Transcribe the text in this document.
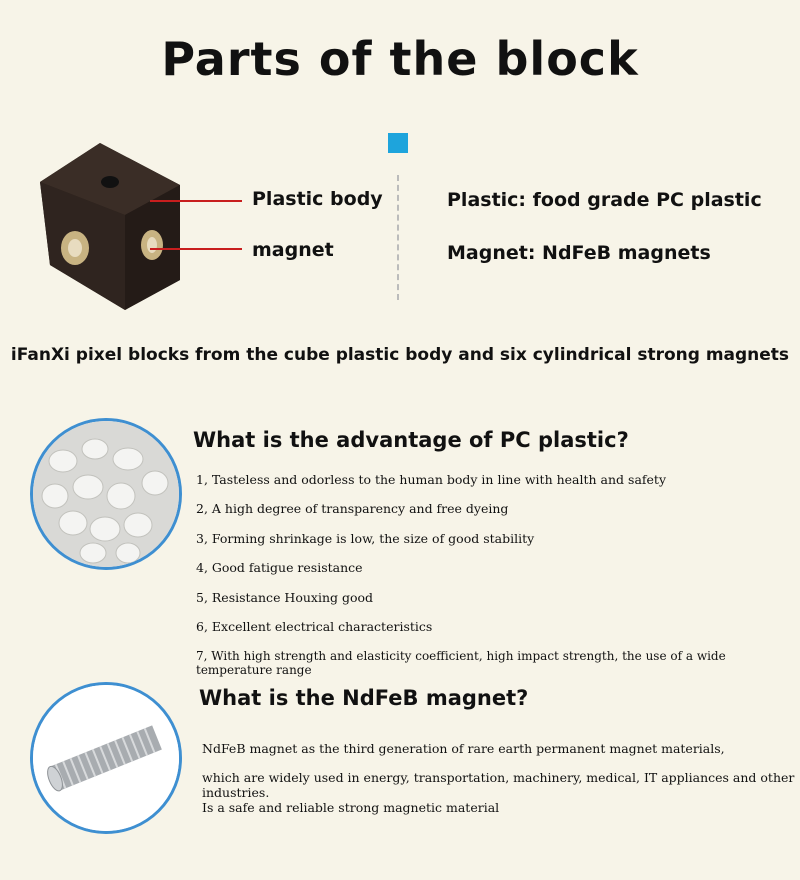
Parts of the block
Plastic body
magnet
Plastic: food grade PC plastic
Magnet: NdFeB magnets
iFanXi pixel blocks from the cube plastic body and six cylindrical strong magnets
What is the advantage of PC plastic?
1, Tasteless and odorless to the human body in line with health and safety
2, A high degree of transparency and free dyeing
3, Forming shrinkage is low, the size of good stability
4, Good fatigue resistance
5, Resistance Houxing good
6, Excellent electrical characteristics
7, With high strength and elasticity coefficient, high impact strength, the use of a wide temperature range
What is the NdFeB magnet?
NdFeB magnet as the third generation of rare earth permanent magnet materials,
which are widely used in energy, transportation, machinery, medical, IT appliances and other industries.
Is a safe and reliable strong magnetic material
